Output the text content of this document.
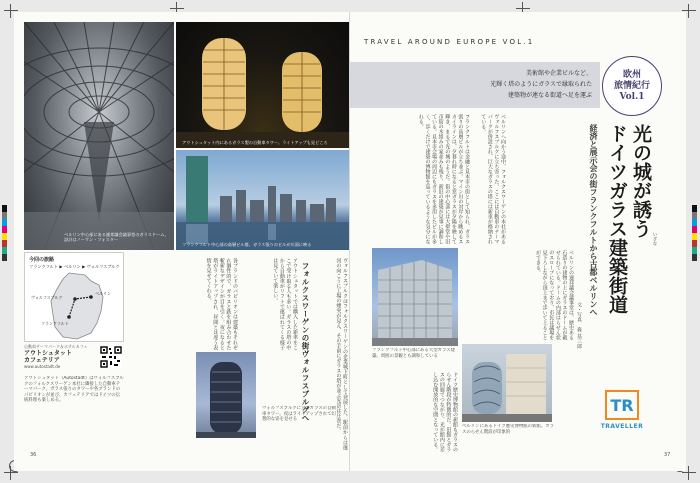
ベルリン中心部にある連邦議会議事堂のガラスドーム。設計はノーマン・フォスター
今回の旅路
フランクフルト ▶ ベルリン ▶ ヴォルフスブルク
ヴォルフスブルク
ベルリン
フランクフルト
自動車テーマパーク＆ホテルカフェ
アウトシュタット
カフェテリア
www.autostadt.de
アウトシュタット（Autostadt）はヴォルフスブルクのフォルクスワーゲン本社に隣接した自動車テーマパーク。ガラス張りのタワーや各ブランドのパビリオンが並び、カフェテリアではドイツの伝統料理も楽しめる。
アウトシュタット内にあるガラス製の自動車タワー。ライトアップも見どころ
フランクフルト中心部の高層ビル群。ガラス張りのビルが川面に映る
ヴォルフスブルクはフォルクスワーゲンの企業城下町として発展した。駅前からは運河の向こうに工場の煙突が見え、その手前にガラスの塔が並ぶ光景は圧巻だ。
アウトシュタットでは購入した新車をここで受け取る人も多い。ガラスの塔の中から自動車がリフトで運ばれてくる様子は見ていて楽しい。
各ブランドのパビリオンは建築もそれぞれ個性的で、ガラスと鉄を組み合わせた斬新なデザインが目を引く。夜になると塔がライトアップされ、昼間とは違う表情を見せてくれる。	フォルクスワーゲンの街ヴォルフスブルグへ
ヴォルフスブルクに立つガラスの自動車タワー。夜はライトアップされて幻想的な姿を見せる
36
TRAVEL AROUND EUROPE VOL.1
美術館や企業ビルなど、
光輝く塔のようにガラスで縁取られた
建築物が連なる街道へ足を運ぶ
欧州
旅情紀行
Vol.1
光の城が誘う
ドイツガラス建築街道	いざな
経済と展示会の街フランクフルトから古都ベルリンへ
文・写真　森 基三郎
フランクフルトは金融と見本市の街として知られ、ガラス張りの高層ビルが立ち並ぶ。マイン川の対岸から眺めるスカイラインは、夕暮れ時になると窓ガラスが夕陽を映して輝き、まるで光の城のようだ。街の中心部には大聖堂や旧市街の木組みの家並みも残り、新旧の建築が見事に調和している。見本市会場の周辺にもガラスを多用したビルが多く、歩くだけで建築の博物館を巡っているような気分になれる。	ベルリンへ向かう途中、フォルクスワーゲンの本社があるヴォルフスブルクに立ち寄った。ここには自動車のテーマパークが併設され、巨大なガラスの塔には新車が格納されている。
フランクフルト中心部にある大型ガラス建築。周囲の景観とも調和している
ベルリンの連邦議会議事堂は、歴史ある石造りの建物の上にガラスのドームが載せられている。ドームの内部はらせん状のスロープになっており、市民は議場を見下ろしながら頂上まで歩いて上ることができる。
ドイツ歴史博物館の新館もガラスのらせん階段が特徴的だ。旧館とガラスの回廊でつながり、光が館内に差し込む開放的な空間となっている。	ベルリンにあるドイツ歴史博物館の新館。ガラスのらせん階段が印象的
TR
TRAVELLER
37
